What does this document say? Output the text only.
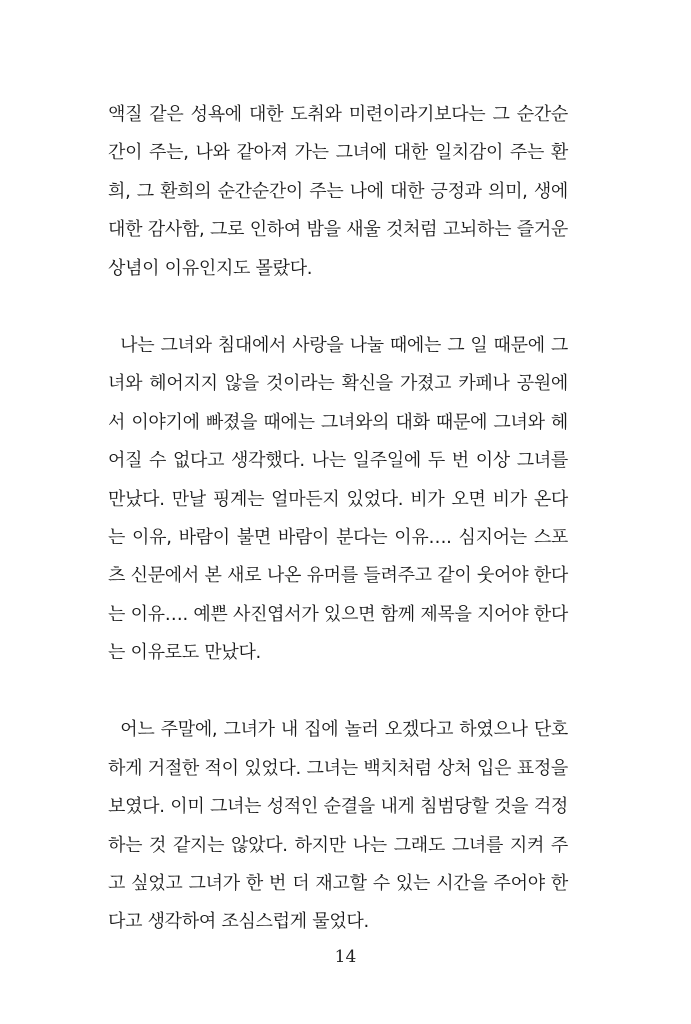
액질 같은 성욕에 대한 도취와 미련이라기보다는 그 순간순
간이 주는, 나와 같아져 가는 그녀에 대한 일치감이 주는 환
희, 그 환희의 순간순간이 주는 나에 대한 긍정과 의미, 생에
대한 감사함, 그로 인하여 밤을 새울 것처럼 고뇌하는 즐거운
상념이 이유인지도 몰랐다.
나는 그녀와 침대에서 사랑을 나눌 때에는 그 일 때문에 그
녀와 헤어지지 않을 것이라는 확신을 가졌고 카페나 공원에
서 이야기에 빠졌을 때에는 그녀와의 대화 때문에 그녀와 헤
어질 수 없다고 생각했다. 나는 일주일에 두 번 이상 그녀를
만났다. 만날 핑계는 얼마든지 있었다. 비가 오면 비가 온다
는 이유, 바람이 불면 바람이 분다는 이유…. 심지어는 스포
츠 신문에서 본 새로 나온 유머를 들려주고 같이 웃어야 한다
는 이유…. 예쁜 사진엽서가 있으면 함께 제목을 지어야 한다
는 이유로도 만났다.
어느 주말에, 그녀가 내 집에 놀러 오겠다고 하였으나 단호
하게 거절한 적이 있었다. 그녀는 백치처럼 상처 입은 표정을
보였다. 이미 그녀는 성적인 순결을 내게 침범당할 것을 걱정
하는 것 같지는 않았다. 하지만 나는 그래도 그녀를 지켜 주
고 싶었고 그녀가 한 번 더 재고할 수 있는 시간을 주어야 한
다고 생각하여 조심스럽게 물었다.
14
